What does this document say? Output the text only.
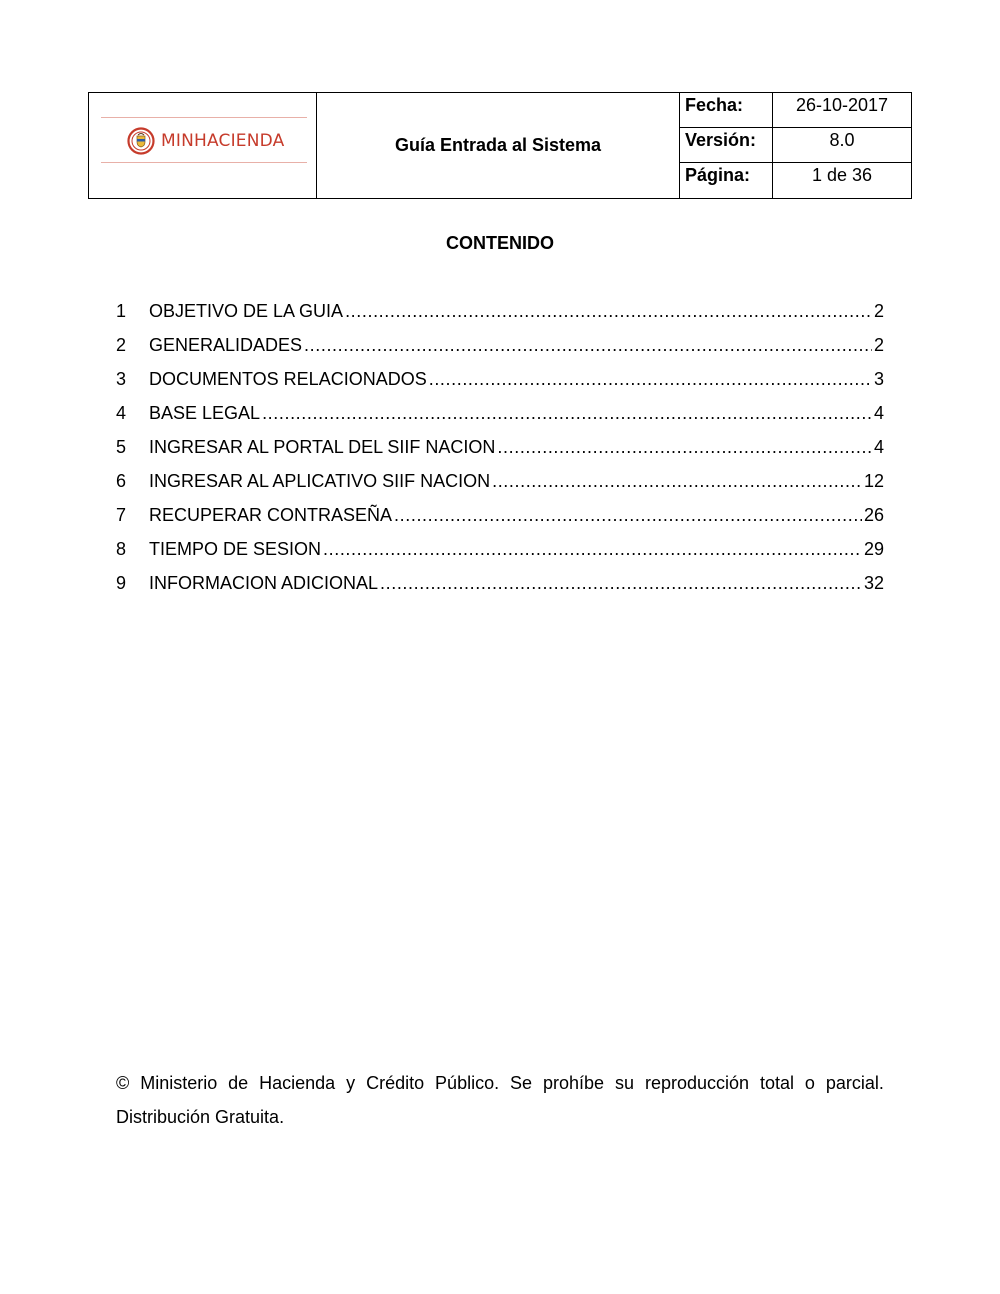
MINHACIENDA	Guía Entrada al Sistema
Fecha:	26-10-2017
Versión:	8.0
Página:	1 de 36
CONTENIDO
1	OBJETIVO DE LA GUIA .....	2
2	GENERALIDADES .....	2
3	DOCUMENTOS RELACIONADOS .....	3
4	BASE LEGAL .....	4
5	INGRESAR AL PORTAL DEL SIIF NACION .....	4
6	INGRESAR AL APLICATIVO SIIF NACION .....	12
7	RECUPERAR CONTRASEÑA .....	26
8	TIEMPO DE SESION .....	29
9	INFORMACION ADICIONAL .....	32
© Ministerio de Hacienda y Crédito Público. Se prohíbe su reproducción total o parcial.
Distribución Gratuita.
